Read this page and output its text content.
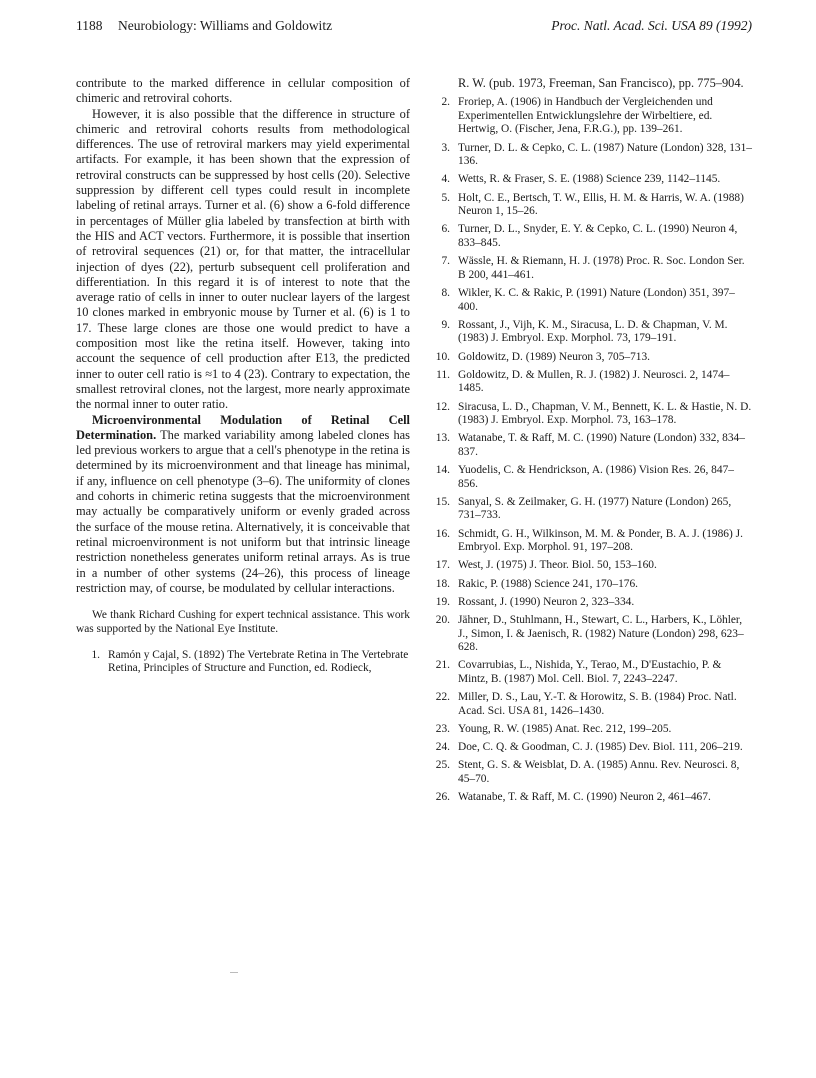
1188 Neurobiology: Williams and Goldowitz	Proc. Natl. Acad. Sci. USA 89 (1992)

contribute to the marked difference in cellular composition of chimeric and retroviral cohorts.

However, it is also possible that the difference in structure of chimeric and retroviral cohorts results from methodological differences. The use of retroviral markers may yield experimental artifacts. For example, it has been shown that the expression of retroviral constructs can be suppressed by host cells (20). Selective suppression by different cell types could result in incomplete labeling of retinal arrays. Turner et al. (6) show a 6-fold difference in percentages of Müller glia labeled by transfection at birth with the HIS and ACT vectors. Furthermore, it is possible that insertion of retroviral sequences (21) or, for that matter, the intracellular injection of dyes (22), perturb subsequent cell proliferation and differentiation. In this regard it is of interest to note that the average ratio of cells in inner to outer nuclear layers of the largest 10 clones marked in embryonic mouse by Turner et al. (6) is 1 to 17. These large clones are those one would predict to have a composition most like the retina itself. However, taking into account the sequence of cell production after E13, the predicted inner to outer cell ratio is ≈1 to 4 (23). Contrary to expectation, the smallest retroviral clones, not the largest, more nearly approximate the normal inner to outer ratio.

Microenvironmental Modulation of Retinal Cell Determination. The marked variability among labeled clones has led previous workers to argue that a cell's phenotype in the retina is determined by its microenvironment and that lineage has minimal, if any, influence on cell phenotype (3–6). The uniformity of clones and cohorts in chimeric retina suggests that the microenvironment may actually be comparatively uniform or evenly graded across the surface of the mouse retina. Alternatively, it is conceivable that retinal microenvironment is not uniform but that intrinsic lineage restriction nonetheless generates uniform retinal arrays. As is true in a number of other systems (24–26), this process of lineage restriction may, of course, be modulated by cellular interactions.

We thank Richard Cushing for expert technical assistance. This work was supported by the National Eye Institute.

1. Ramón y Cajal, S. (1892) The Vertebrate Retina in The Vertebrate Retina, Principles of Structure and Function, ed. Rodieck,
R. W. (pub. 1973, Freeman, San Francisco), pp. 775–904.
2. Froriep, A. (1906) in Handbuch der Vergleichenden und Experimentellen Entwicklungslehre der Wirbeltiere, ed. Hertwig, O. (Fischer, Jena, F.R.G.), pp. 139–261.
3. Turner, D. L. & Cepko, C. L. (1987) Nature (London) 328, 131–136.
4. Wetts, R. & Fraser, S. E. (1988) Science 239, 1142–1145.
5. Holt, C. E., Bertsch, T. W., Ellis, H. M. & Harris, W. A. (1988) Neuron 1, 15–26.
6. Turner, D. L., Snyder, E. Y. & Cepko, C. L. (1990) Neuron 4, 833–845.
7. Wässle, H. & Riemann, H. J. (1978) Proc. R. Soc. London Ser. B 200, 441–461.
8. Wikler, K. C. & Rakic, P. (1991) Nature (London) 351, 397–400.
9. Rossant, J., Vijh, K. M., Siracusa, L. D. & Chapman, V. M. (1983) J. Embryol. Exp. Morphol. 73, 179–191.
10. Goldowitz, D. (1989) Neuron 3, 705–713.
11. Goldowitz, D. & Mullen, R. J. (1982) J. Neurosci. 2, 1474–1485.
12. Siracusa, L. D., Chapman, V. M., Bennett, K. L. & Hastie, N. D. (1983) J. Embryol. Exp. Morphol. 73, 163–178.
13. Watanabe, T. & Raff, M. C. (1990) Nature (London) 332, 834–837.
14. Yuodelis, C. & Hendrickson, A. (1986) Vision Res. 26, 847–856.
15. Sanyal, S. & Zeilmaker, G. H. (1977) Nature (London) 265, 731–733.
16. Schmidt, G. H., Wilkinson, M. M. & Ponder, B. A. J. (1986) J. Embryol. Exp. Morphol. 91, 197–208.
17. West, J. (1975) J. Theor. Biol. 50, 153–160.
18. Rakic, P. (1988) Science 241, 170–176.
19. Rossant, J. (1990) Neuron 2, 323–334.
20. Jähner, D., Stuhlmann, H., Stewart, C. L., Harbers, K., Löhler, J., Simon, I. & Jaenisch, R. (1982) Nature (London) 298, 623–628.
21. Covarrubias, L., Nishida, Y., Terao, M., D'Eustachio, P. & Mintz, B. (1987) Mol. Cell. Biol. 7, 2243–2247.
22. Miller, D. S., Lau, Y.-T. & Horowitz, S. B. (1984) Proc. Natl. Acad. Sci. USA 81, 1426–1430.
23. Young, R. W. (1985) Anat. Rec. 212, 199–205.
24. Doe, C. Q. & Goodman, C. J. (1985) Dev. Biol. 111, 206–219.
25. Stent, G. S. & Weisblat, D. A. (1985) Annu. Rev. Neurosci. 8, 45–70.
26. Watanabe, T. & Raff, M. C. (1990) Neuron 2, 461–467.
